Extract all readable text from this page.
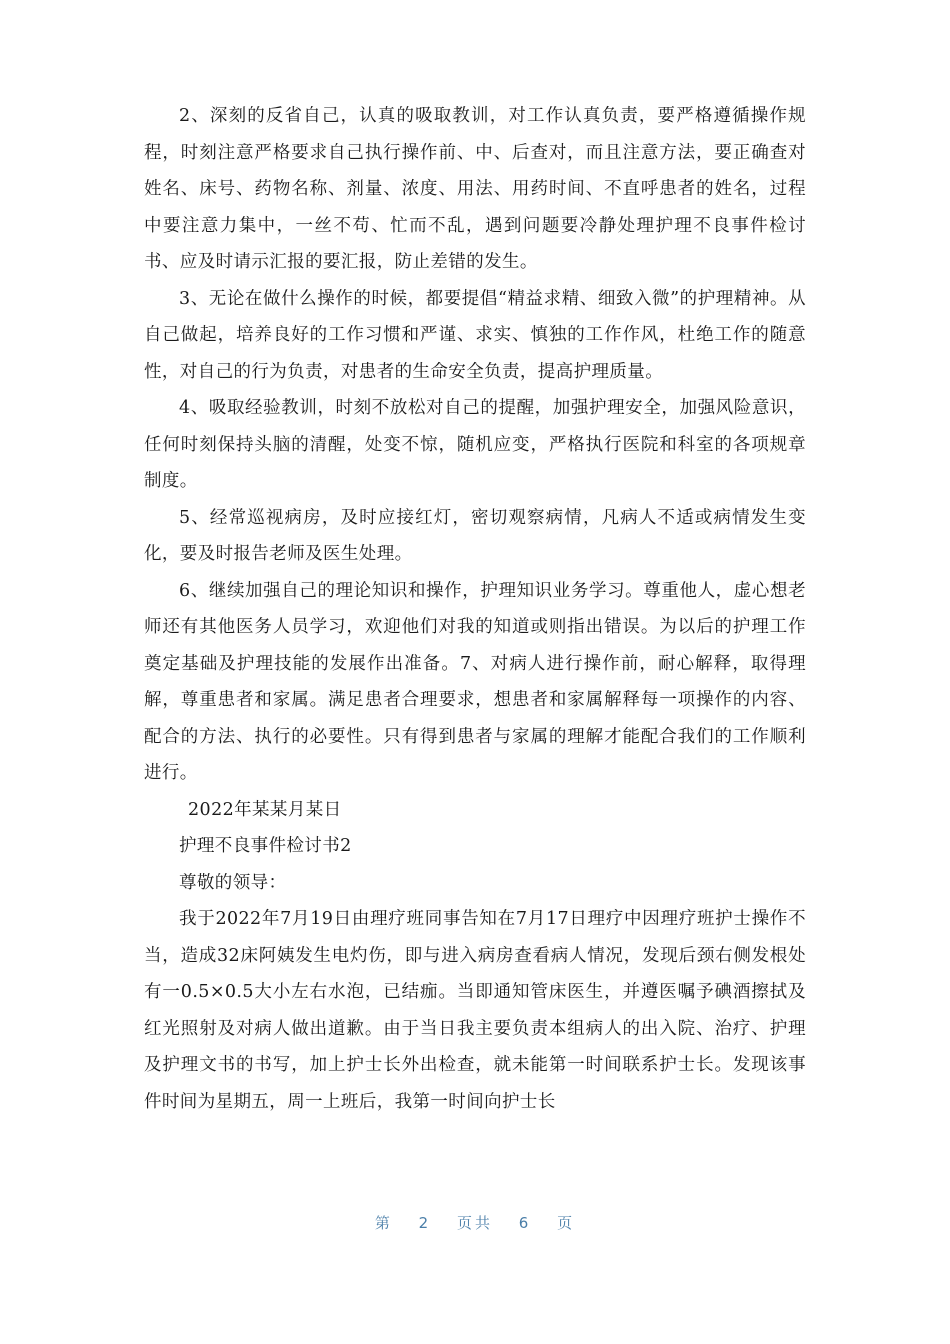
2、深刻的反省自己，认真的吸取教训，对工作认真负责，要严格遵循操作规程，时刻注意严格要求自己执行操作前、中、后查对，而且注意方法，要正确查对姓名、床号、药物名称、剂量、浓度、用法、用药时间、不直呼患者的姓名，过程中要注意力集中，一丝不苟、忙而不乱，遇到问题要冷静处理护理不良事件检讨书、应及时请示汇报的要汇报，防止差错的发生。

3、无论在做什么操作的时候，都要提倡“精益求精、细致入微”的护理精神。从自己做起，培养良好的工作习惯和严谨、求实、慎独的工作作风，杜绝工作的随意性，对自己的行为负责，对患者的生命安全负责，提高护理质量。

4、吸取经验教训，时刻不放松对自己的提醒，加强护理安全，加强风险意识，任何时刻保持头脑的清醒，处变不惊，随机应变，严格执行医院和科室的各项规章制度。

5、经常巡视病房，及时应接红灯，密切观察病情，凡病人不适或病情发生变化，要及时报告老师及医生处理。

6、继续加强自己的理论知识和操作，护理知识业务学习。尊重他人，虚心想老师还有其他医务人员学习，欢迎他们对我的知道或则指出错误。为以后的护理工作奠定基础及护理技能的发展作出准备。7、对病人进行操作前，耐心解释，取得理解，尊重患者和家属。满足患者合理要求，想患者和家属解释每一项操作的内容、配合的方法、执行的必要性。只有得到患者与家属的理解才能配合我们的工作顺利进行。

2022年某某月某日

护理不良事件检讨书2

尊敬的领导：

我于2022年7月19日由理疗班同事告知在7月17日理疗中因理疗班护士操作不当，造成32床阿姨发生电灼伤，即与进入病房查看病人情况，发现后颈右侧发根处有一0.5×0.5大小左右水泡，已结痂。当即通知管床医生，并遵医嘱予碘酒擦拭及红光照射及对病人做出道歉。由于当日我主要负责本组病人的出入院、治疗、护理及护理文书的书写，加上护士长外出检查，就未能第一时间联系护士长。发现该事件时间为星期五，周一上班后，我第一时间向护士长

第 2 页共 6 页
